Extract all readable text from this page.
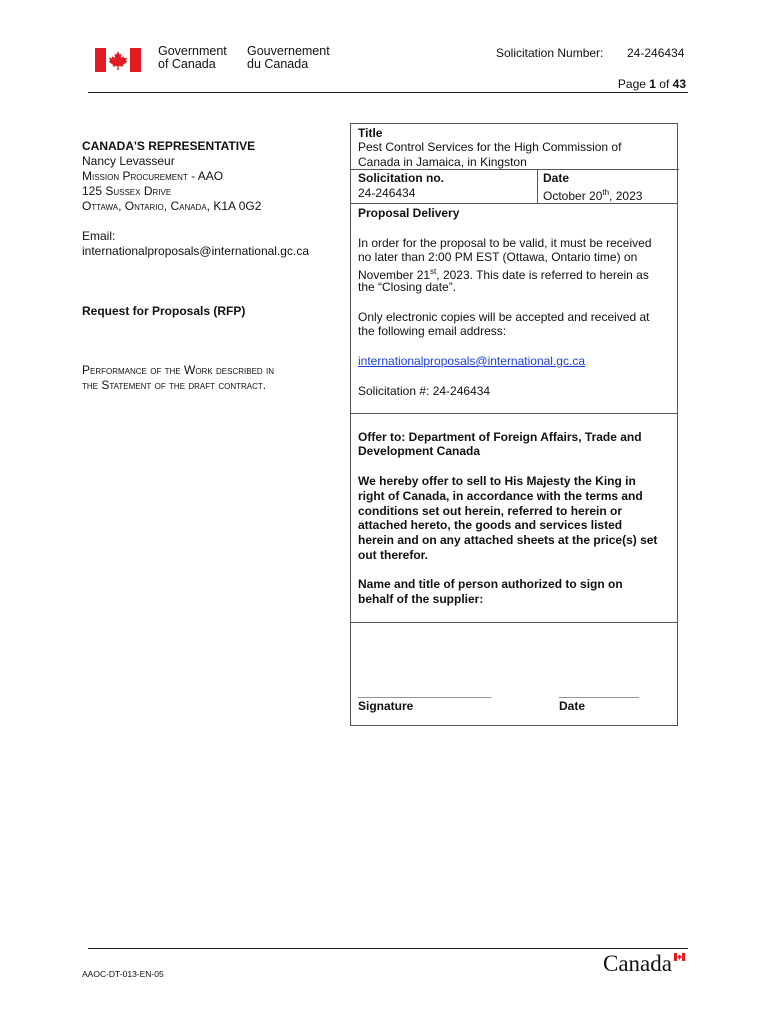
Government
of Canada
Gouvernement
du Canada
Solicitation Number: 24-246434
Page 1 of 43
CANADA'S REPRESENTATIVE
Nancy Levasseur
Mission Procurement - AAO
125 Sussex Drive
Ottawa, Ontario, Canada, K1A 0G2
Email:
internationalproposals@international.gc.ca
Request for Proposals (RFP)
Performance of the Work described in
the Statement of the draft contract.
Title
Pest Control Services for the High Commission of
Canada in Jamaica, in Kingston
Solicitation no.
24-246434
Date
October 20th, 2023
Proposal Delivery
In order for the proposal to be valid, it must be received
no later than 2:00 PM EST (Ottawa, Ontario time) on
November 21st, 2023. This date is referred to herein as
the “Closing date”.
Only electronic copies will be accepted and received at
the following email address:
internationalproposals@international.gc.ca
Solicitation #: 24-246434
Offer to: Department of Foreign Affairs, Trade and
Development Canada
We hereby offer to sell to His Majesty the King in
right of Canada, in accordance with the terms and
conditions set out herein, referred to herein or
attached hereto, the goods and services listed
herein and on any attached sheets at the price(s) set
out therefor.
Name and title of person authorized to sign on
behalf of the supplier:
____________________
Signature
____________
Date
AAOC-DT-013-EN-05	Canada
